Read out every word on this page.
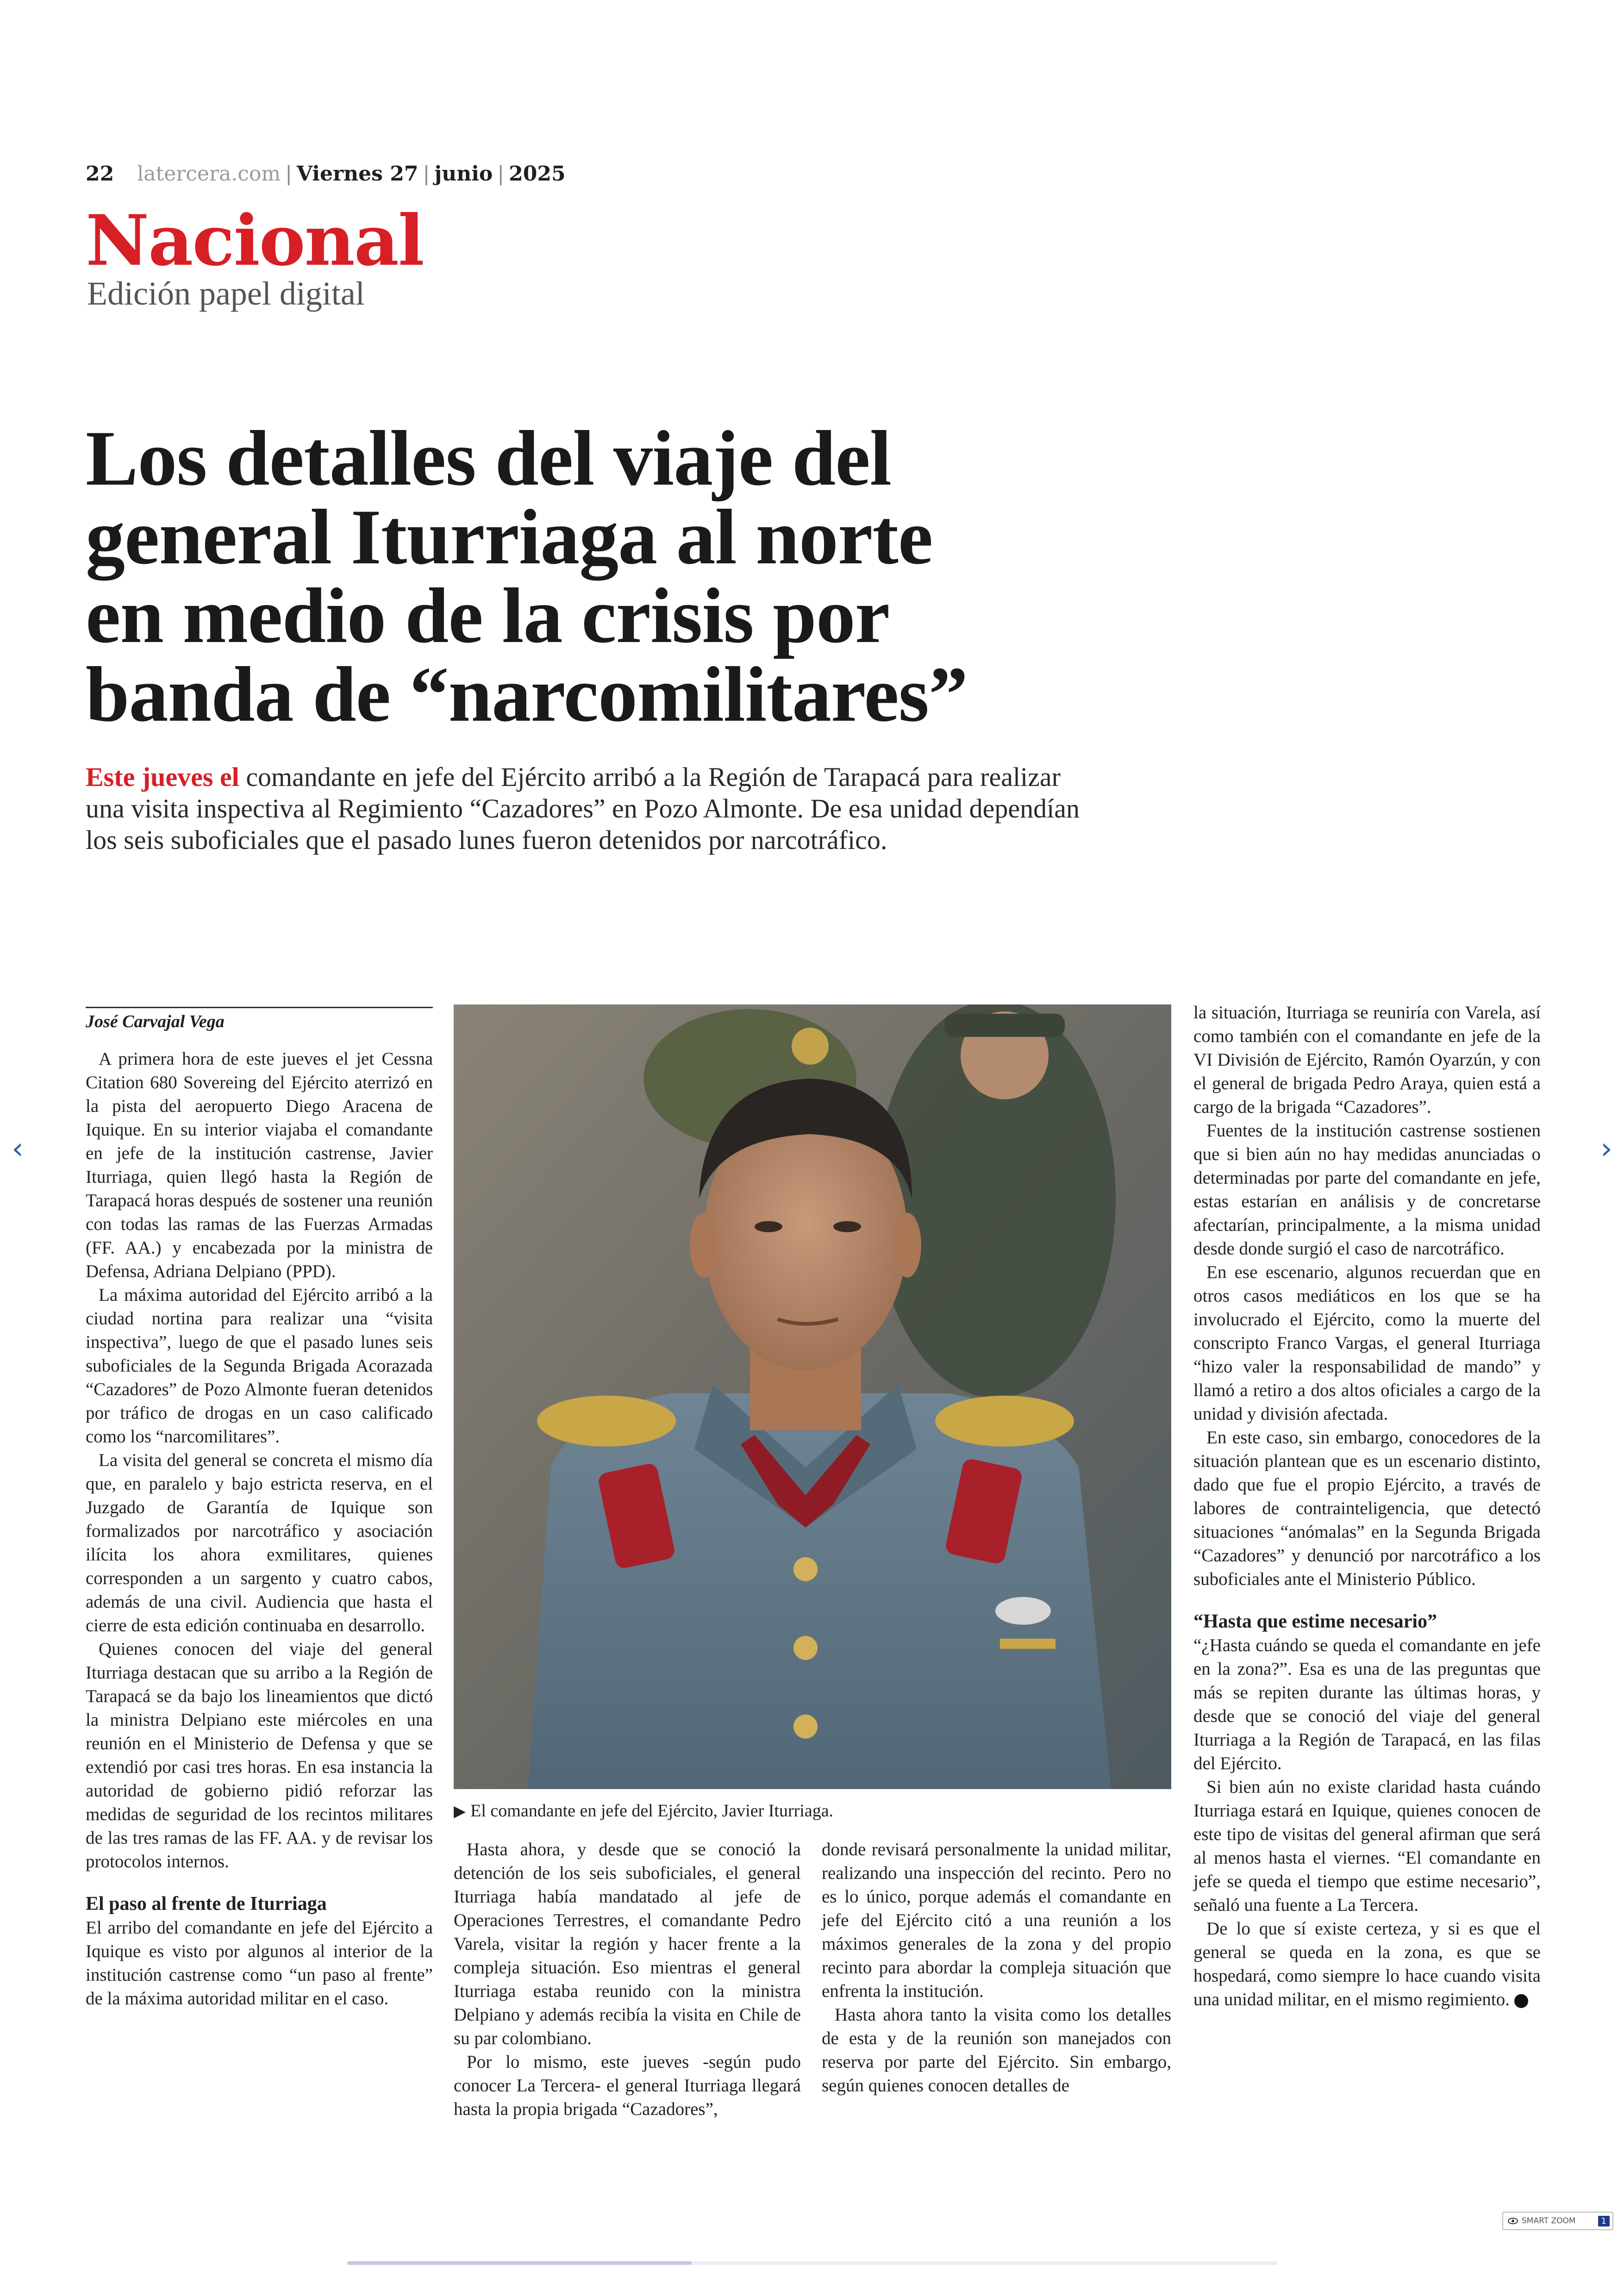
22 latercera.com | Viernes 27 | junio | 2025
Nacional
Edición papel digital
Los detalles del viaje del
general Iturriaga al norte
en medio de la crisis por
banda de “narcomilitares”
Este jueves el comandante en jefe del Ejército arribó a la Región de Tarapacá para realizar una visita inspectiva al Regimiento “Cazadores” en Pozo Almonte. De esa unidad dependían los seis suboficiales que el pasado lunes fueron detenidos por narcotráfico.
José Carvajal Vega

A primera hora de este jueves el jet Cessna Citation 680 Sovereing del Ejército aterrizó en la pista del aeropuerto Diego Aracena de Iquique. En su interior viajaba el comandante en jefe de la institución castrense, Javier Iturriaga, quien llegó hasta la Región de Tarapacá horas después de sostener una reunión con todas las ramas de las Fuerzas Armadas (FF. AA.) y encabezada por la ministra de Defensa, Adriana Delpiano (PPD).

La máxima autoridad del Ejército arribó a la ciudad nortina para realizar una “visita inspectiva”, luego de que el pasado lunes seis suboficiales de la Segunda Brigada Acorazada “Cazadores” de Pozo Almonte fueran detenidos por tráfico de drogas en un caso calificado como los “narcomilitares”.

La visita del general se concreta el mismo día que, en paralelo y bajo estricta reserva, en el Juzgado de Garantía de Iquique son formalizados por narcotráfico y asociación ilícita los ahora exmilitares, quienes corresponden a un sargento y cuatro cabos, además de una civil. Audiencia que hasta el cierre de esta edición continuaba en desarrollo.

Quienes conocen del viaje del general Iturriaga destacan que su arribo a la Región de Tarapacá se da bajo los lineamientos que dictó la ministra Delpiano este miércoles en una reunión en el Ministerio de Defensa y que se extendió por casi tres horas. En esa instancia la autoridad de gobierno pidió reforzar las medidas de seguridad de los recintos militares de las tres ramas de las FF. AA. y de revisar los protocolos internos.

El paso al frente de Iturriaga

El arribo del comandante en jefe del Ejército a Iquique es visto por algunos al interior de la institución castrense como “un paso al frente” de la máxima autoridad militar en el caso.

▶ El comandante en jefe del Ejército, Javier Iturriaga.

Hasta ahora, y desde que se conoció la detención de los seis suboficiales, el general Iturriaga había mandatado al jefe de Operaciones Terrestres, el comandante Pedro Varela, visitar la región y hacer frente a la compleja situación. Eso mientras el general Iturriaga estaba reunido con la ministra Delpiano y además recibía la visita en Chile de su par colombiano.

Por lo mismo, este jueves -según pudo conocer La Tercera- el general Iturriaga llegará hasta la propia brigada “Cazadores”,

donde revisará personalmente la unidad militar, realizando una inspección del recinto. Pero no es lo único, porque además el comandante en jefe del Ejército citó a una reunión a los máximos generales de la zona y del propio recinto para abordar la compleja situación que enfrenta la institución.

Hasta ahora tanto la visita como los detalles de esta y de la reunión son manejados con reserva por parte del Ejército. Sin embargo, según quienes conocen detalles de

la situación, Iturriaga se reuniría con Varela, así como también con el comandante en jefe de la VI División de Ejército, Ramón Oyarzún, y con el general de brigada Pedro Araya, quien está a cargo de la brigada “Cazadores”.

Fuentes de la institución castrense sostienen que si bien aún no hay medidas anunciadas o determinadas por parte del comandante en jefe, estas estarían en análisis y de concretarse afectarían, principalmente, a la misma unidad desde donde surgió el caso de narcotráfico.

En ese escenario, algunos recuerdan que en otros casos mediáticos en los que se ha involucrado el Ejército, como la muerte del conscripto Franco Vargas, el general Iturriaga “hizo valer la responsabilidad de mando” y llamó a retiro a dos altos oficiales a cargo de la unidad y división afectada.

En este caso, sin embargo, conocedores de la situación plantean que es un escenario distinto, dado que fue el propio Ejército, a través de labores de contrainteligencia, que detectó situaciones “anómalas” en la Segunda Brigada “Cazadores” y denunció por narcotráfico a los suboficiales ante el Ministerio Público.

“Hasta que estime necesario”

“¿Hasta cuándo se queda el comandante en jefe en la zona?”. Esa es una de las preguntas que más se repiten durante las últimas horas, y desde que se conoció del viaje del general Iturriaga a la Región de Tarapacá, en las filas del Ejército.

Si bien aún no existe claridad hasta cuándo Iturriaga estará en Iquique, quienes conocen de este tipo de visitas del general afirman que será al menos hasta el viernes. “El comandante en jefe se queda el tiempo que estime necesario”, señaló una fuente a La Tercera.

De lo que sí existe certeza, y si es que el general se queda en la zona, es que se hospedará, como siempre lo hace cuando visita una unidad militar, en el mismo regimiento.

‹	›
SMART ZOOM	1
